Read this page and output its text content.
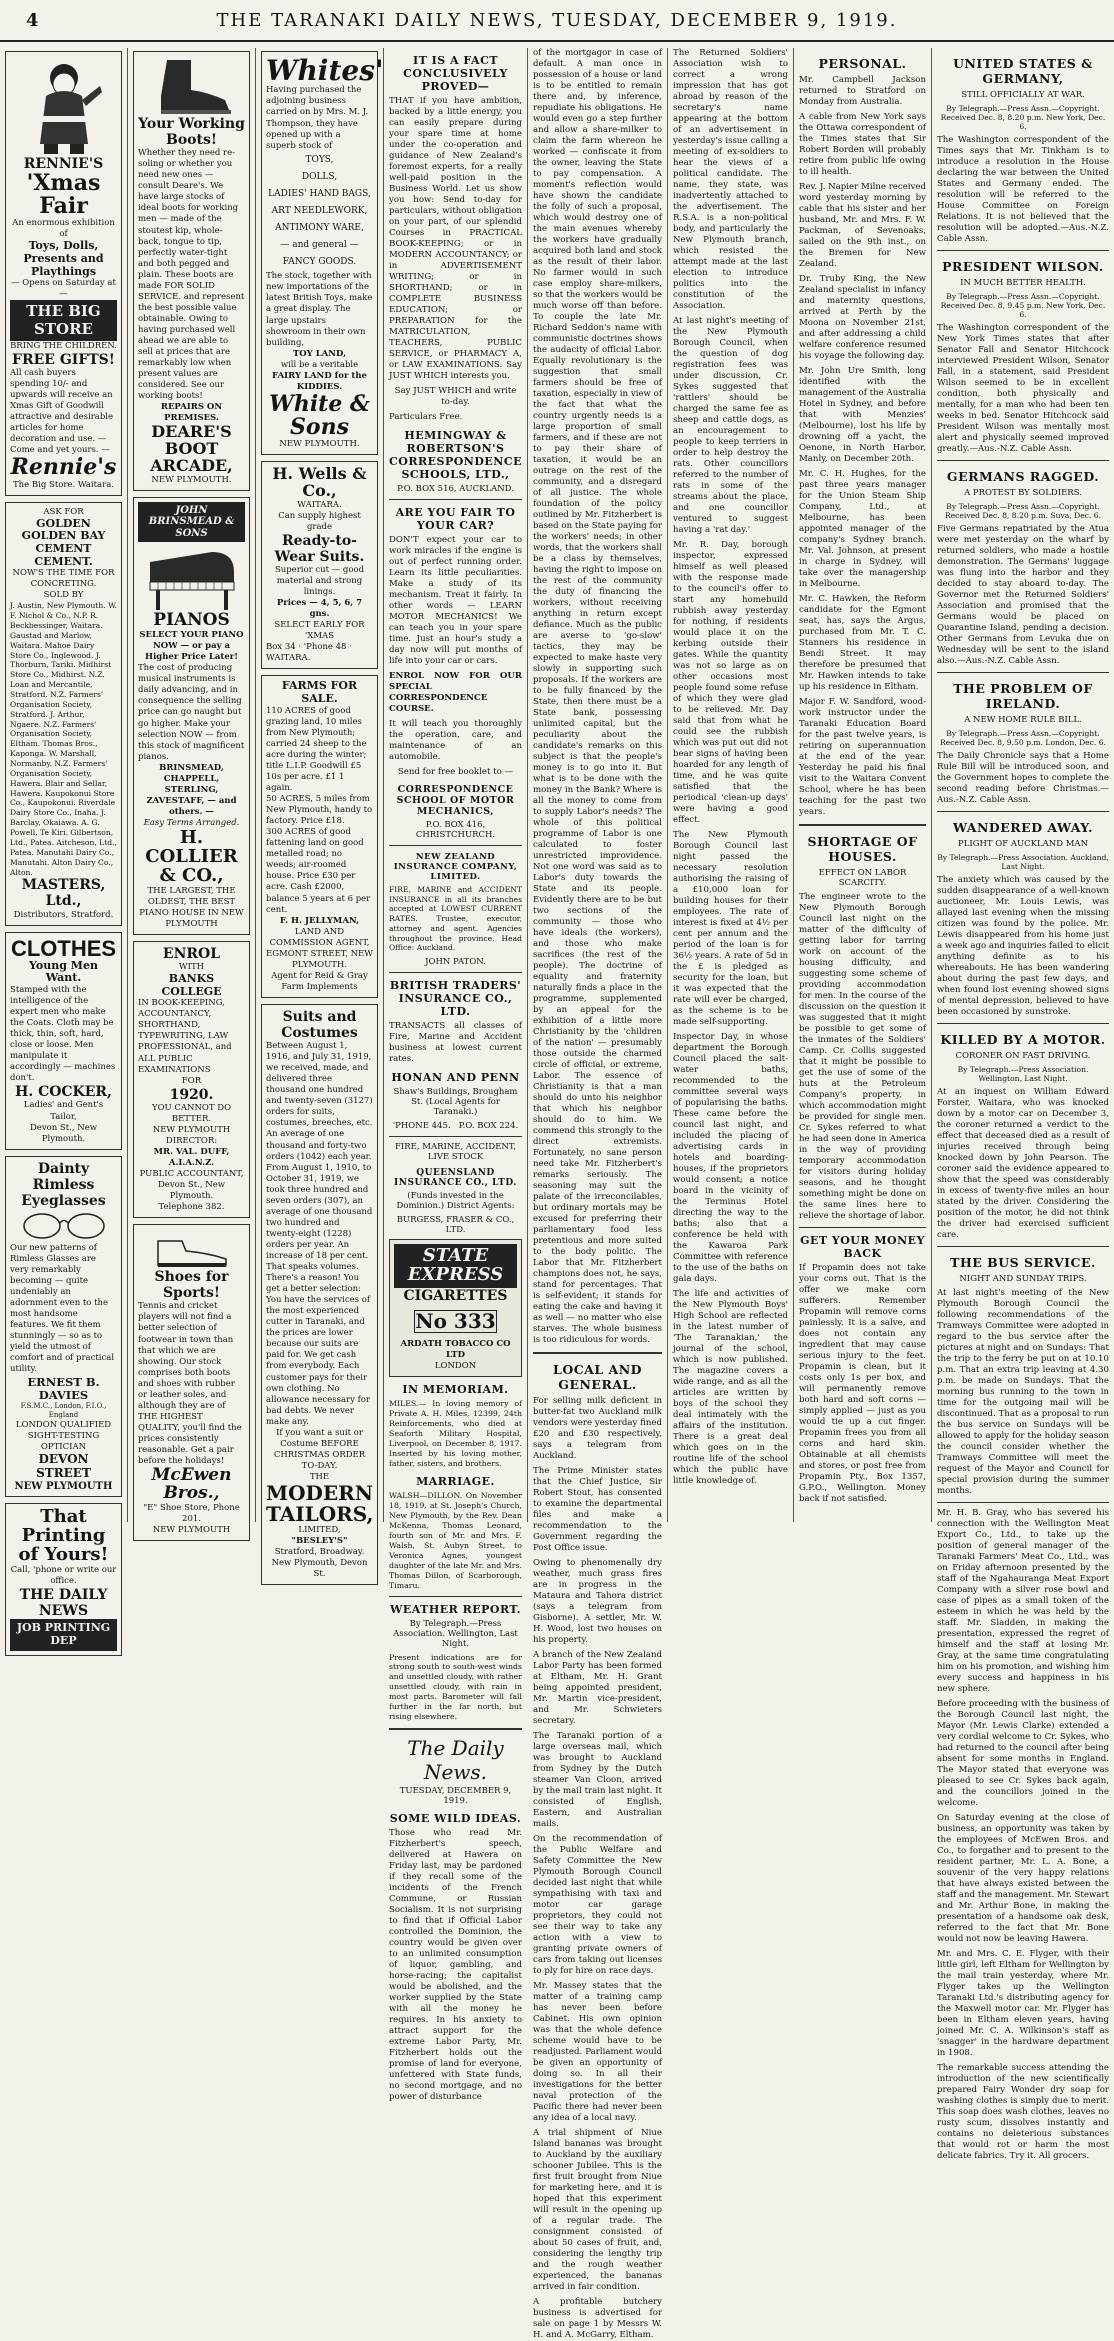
4	THE TARANAKI DAILY NEWS, TUESDAY, DECEMBER 9, 1919.
RENNIE'S
'Xmas Fair
An enormous exhibition of
Toys, Dolls, Presents and Playthings
— Opens on Saturday at —
THE BIG STORE
BRING THE CHILDREN.
FREE GIFTS!
All cash buyers spending 10/- and upwards will receive an Xmas Gift of Goodwill attractive and desirable articles for home decoration and use. — Come and yet yours. —
Rennie's
The Big Store. Waitara.
ASK FOR
GOLDEN GOLDEN BAY CEMENT CEMENT.
NOW'S THE TIME FOR CONCRETING.
SOLD BY
J. Austin, New Plymouth. W. F. Nichol & Co., N.P. R. Beckbessinger, Waitara. Gaustad and Marlow, Waitara. Mahoe Dairy Store Co., Inglewood. J. Thorburn, Tariki. Midhirst Store Co., Midhirst. N.Z. Loan and Mercantile, Stratford. N.Z. Farmers' Organisation Society, Stratford. J. Arthur, Ngaere. N.Z. Farmers' Organisation Society, Eltham. Thomas Bros., Kaponga. W. Marshall, Normanby. N.Z. Farmers' Organisation Society, Hawera. Blair and Sellar, Hawera. Kaupokonui Store Co., Kaupokonui. Riverdale Dairy Store Co., Inaha. J. Barclay, Okaiawa. A. G. Powell, Te Kiri. Gilbertson, Ltd., Patea. Aitcheson, Ltd., Patea. Manutahi Dairy Co., Manutahi. Alton Dairy Co., Alton.
MASTERS, Ltd.,
Distributors, Stratford.
CLOTHES
Young Men Want.
Stamped with the intelligence of the expert men who make the Coats. Cloth may be thick, thin, soft, hard, close or loose. Men manipulate it accordingly — machines don't.
H. COCKER,
Ladies' and Gent's Tailor,
Devon St., New Plymouth.
Dainty Rimless Eyeglasses
Our new patterns of Rimless Glasses are very remarkably becoming — quite undeniably an adornment even to the most handsome features. We fit them stunningly — so as to yield the utmost of comfort and of practical utility.
ERNEST B. DAVIES
F.S.M.C., London, F.I.O., England
LONDON QUALIFIED SIGHT-TESTING OPTICIAN
DEVON STREET
NEW PLYMOUTH
That Printing of Yours!
Call, 'phone or write our office.
THE DAILY NEWS
JOB PRINTING DEP
Your Working Boots!
Whether they need re-soling or whether you need new ones — consult Deare's. We have large stocks of ideal boots for working men — made of the stoutest kip, whole-back, tongue to tip, perfectly water-tight and both pegged and plain. These boots are made FOR SOLID SERVICE. and represent the best possible value obtainable. Owing to having purchased well ahead we are able to sell at prices that are remarkably low when present values are considered. See our working boots!
REPAIRS ON PREMISES.
DEARE'S BOOT ARCADE,
NEW PLYMOUTH.
JOHN BRINSMEAD & SONS
PIANOS
SELECT YOUR PIANO NOW — or pay a Higher Price Later!
The cost of producing musical instruments is daily advancing, and in consequence the selling price can go naught but go higher. Make your selection NOW — from this stock of magnificent pianos.
BRINSMEAD, CHAPPELL, STERLING, ZAVESTAFF, — and others. —
Easy Terms Arranged.
H. COLLIER & CO.,
THE LARGEST, THE OLDEST, THE BEST PIANO HOUSE IN NEW PLYMOUTH
ENROL
WITH
BANKS COLLEGE
IN BOOK-KEEPING, ACCOUNTANCY, SHORTHAND, TYPEWRITING, LAW PROFESSIONAL, and ALL PUBLIC EXAMINATIONS
FOR
1920.
YOU CANNOT DO BETTER.
NEW PLYMOUTH DIRECTOR:
MR. VAL. DUFF, A.I.A.N.Z.
PUBLIC ACCOUNTANT,
Devon St., New Plymouth.
Telephone 382.
Shoes for Sports!
Tennis and cricket players will not find a better selection of footwear in town than that which we are showing. Our stock comprises both boots and shoes with rubber or leather soles, and although they are of THE HIGHEST QUALITY, you'll find the prices consistently reasonable. Get a pair before the holidays!
McEwen Bros.,
"E" Shoe Store, Phone 201.
NEW PLYMOUTH
Whites'
Having purchased the adjoining business carried on by Mrs. M. J. Thompson, they have opened up with a superb stock of
TOYS,
DOLLS,
LADIES' HAND BAGS,
ART NEEDLEWORK,
ANTIMONY WARE,
— and general —
FANCY GOODS.
The stock, together with new importations of the latest British Toys, make a great display. The large upstairs showroom in their own building,
TOY LAND,
will be a veritable
FAIRY LAND for the KIDDIES.
White & Sons
NEW PLYMOUTH.
H. Wells & Co.,
WAITARA.
Can supply highest grade
Ready-to-Wear Suits.
Superior cut — good material and strong linings.
Prices — 4, 5, 6, 7 gns.
SELECT EARLY FOR 'XMAS
Box 34 · 'Phone 48 · WAITARA.
FARMS FOR SALE.
110 ACRES of good grazing land, 10 miles from New Plymouth; carried 24 sheep to the acre during the winter; title L.I.P. Goodwill £5 10s per acre. £1 1 again.
50 ACRES, 5 miles from New Plymouth, handy to factory. Price £18.
300 ACRES of good fattening land on good metalled road; no weeds; air-roomed house. Price £30 per acre. Cash £2000, balance 5 years at 6 per cent.
F. H. JELLYMAN,
LAND AND COMMISSION AGENT,
EGMONT STREET, NEW PLYMOUTH.
Agent for Reid & Gray Farm Implements
Suits and Costumes
Between August 1, 1916, and July 31, 1919, we received, made, and delivered three thousand one hundred and twenty-seven (3127) orders for suits, costumes, breeches, etc. An average of one thousand and forty-two orders (1042) each year. From August 1, 1910, to October 31, 1919, we took three hundred and seven orders (307), an average of one thousand two hundred and twenty-eight (1228) orders per year. An increase of 18 per cent. That speaks volumes. There's a reason! You get a better selection: You have the services of the most experienced cutter in Taranaki, and the prices are lower because our suits are paid for. We get cash from everybody. Each customer pays for their own clothing. No allowance necessary for bad debts. We never make any.
If you want a suit or Costume BEFORE CHRISTMAS ORDER TO-DAY.
THE
MODERN TAILORS,
LIMITED,
"BESLEY'S"
Stratford, Broadway. New Plymouth, Devon St.
IT IS A FACT CONCLUSIVELY PROVED—

THAT if you have ambition, backed by a little energy, you can easily prepare during your spare time at home under the co-operation and guidance of New Zealand's foremost experts, for a really well-paid position in the Business World. Let us show you how: Send to-day for particulars, without obligation on your part, of our splendid Courses in PRACTICAL BOOK-KEEPING; or in MODERN ACCOUNTANCY; or in ADVERTISEMENT WRITING; or in SHORTHAND; or in COMPLETE BUSINESS EDUCATION; or PREPARATION for the MATRICULATION, TEACHERS, PUBLIC SERVICE, or PHARMACY A, or LAW EXAMINATIONS. Say JUST WHICH interests you.

Say JUST WHICH and write to-day.

Particulars Free.

HEMINGWAY & ROBERTSON'S CORRESPONDENCE SCHOOLS, LTD.,
P.O. BOX 516, AUCKLAND.
ARE YOU FAIR TO YOUR CAR?

DON'T expect your car to work miracles if the engine is out of perfect running order. Learn its little peculiarities. Make a study of its mechanism. Treat it fairly. In other words — LEARN MOTOR MECHANICS! We can teach you in your spare time. Just an hour's study a day now will put months of life into your car or cars.

ENROL NOW FOR OUR SPECIAL CORRESPONDENCE COURSE.

It will teach you thoroughly the operation, care, and maintenance of an automobile.

Send for free booklet to —

CORRESPONDENCE SCHOOL OF MOTOR MECHANICS,
P.O. BOX 416, CHRISTCHURCH.
NEW ZEALAND INSURANCE COMPANY, LIMITED.

FIRE, MARINE and ACCIDENT INSURANCE in all its branches accepted at LOWEST CURRENT RATES. Trustee, executor, attorney and agent. Agencies throughout the province. Head Office: Auckland.

JOHN PATON.
BRITISH TRADERS' INSURANCE CO., LTD.

TRANSACTS all classes of Fire, Marine and Accident business at lowest current rates.

HONAN AND PENN
Shaw's Buildings, Brougham St. (Local Agents for Taranaki.)
'PHONE 445. P.O. BOX 224.
FIRE, MARINE, ACCIDENT, LIVE STOCK
QUEENSLAND INSURANCE CO., LTD.
(Funds invested in the Dominion.) District Agents:
BURGESS, FRASER & CO., LTD.
STATE EXPRESS
CIGARETTES
No 333
ARDATH TOBACCO CO LTD
LONDON
IN MEMORIAM.

MILES.— In loving memory of Private A. H. Miles, 12399, 24th Reinforcements, who died at Seaforth Military Hospital, Liverpool, on December 8, 1917. Inserted by his loving mother, father, sisters, and brothers.

MARRIAGE.

WALSH—DILLON. On November 18, 1919, at St. Joseph's Church, New Plymouth, by the Rev. Dean McKenna, Thomas Leonard, fourth son of Mr. and Mrs. F. Walsh, St. Aubyn Street, to Veronica Agnes, youngest daughter of the late Mr. and Mrs. Thomas Dillon, of Scarborough, Timaru.

WEATHER REPORT.
By Telegraph.—Press Association. Wellington, Last Night.

Present indications are for strong south to south-west winds and unsettled cloudy, with rather unsettled cloudy, with rain in most parts. Barometer will fall further in the far north, but rising elsewhere.

The Daily News.
TUESDAY, DECEMBER 9, 1919.
SOME WILD IDEAS.

Those who read Mr. Fitzherbert's speech, delivered at Hawera on Friday last, may be pardoned if they recall some of the incidents of the French Commune, or Russian Socialism. It is not surprising to find that if Official Labor controlled the Dominion, the country would be given over to an unlimited consumption of liquor, gambling, and horse-racing; the capitalist would be abolished, and the worker supplied by the State with all the money he requires. In his anxiety to attract support for the extreme Labor Party, Mr. Fitzherbert holds out the promise of land for everyone, unfettered with State funds, no second mortgage, and no power of disturbance

of the mortgagor in case of default. A man once in possession of a house or land is to be entitled to remain there and, by inference, repudiate his obligations. He would even go a step further and allow a share-milker to claim the farm whereon he worked — confiscate it from the owner, leaving the State to pay compensation. A moment's reflection would have shown the candidate the folly of such a proposal, which would destroy one of the main avenues whereby the workers have gradually acquired both land and stock as the result of their labor. No farmer would in such case employ share-milkers, so that the workers would be much worse off than before. To couple the late Mr. Richard Seddon's name with communistic doctrines shows the audacity of official Labor. Equally revolutionary is the suggestion that small farmers should be free of taxation, especially in view of the fact that what the country urgently needs is a large proportion of small farmers, and if these are not to pay their share of taxation, it would be an outrage on the rest of the community, and a disregard of all justice. The whole foundation of the policy outlined by Mr. Fitzherbert is based on the State paying for the workers' needs; in other words, that the workers shall be a class by themselves, having the right to impose on the rest of the community the duty of financing the workers, without receiving anything in return except defiance. Much as the public are averse to 'go-slow' tactics, they may be expected to make haste very slowly in supporting such proposals. If the workers are to be fully financed by the State, then there must be a State bank, possessing unlimited capital, but the peculiarity about the candidate's remarks on this subject is that the people's money is to go into it. But what is to be done with the money in the Bank? Where is all the money to come from to supply Labor's needs? The whole of this political programme of Labor is one calculated to foster unrestricted improvidence. Not one word was said as to Labor's duty towards the State and its people. Evidently there are to be but two sections of the community — those who have ideals (the workers), and those who make sacrifices (the rest of the people). The doctrine of equality and fraternity naturally finds a place in the programme, supplemented by an appeal for the exhibition of a little more Christianity by the 'children of the nation' — presumably those outside the charmed circle of official, or extreme, Labor. The essence of Christianity is that a man should do unto his neighbor that which his neighbor should do to him. We commend this strongly to the direct extremists. Fortunately, no sane person need take Mr. Fitzherbert's remarks seriously. The seasoning may suit the palate of the irreconcilables, but ordinary mortals may be excused for preferring their parliamentary food less pretentious and more suited to the body politic. The Labor that Mr. Fitzherbert champions does not, he says, stand for percentages. That is self-evident; it stands for eating the cake and having it as well — no matter who else starves. The whole business is too ridiculous for words.

LOCAL AND GENERAL.

For selling milk deficient in butter-fat two Auckland milk vendors were yesterday fined £20 and £30 respectively, says a telegram from Auckland.

The Prime Minister states that the Chief Justice, Sir Robert Stout, has consented to examine the departmental files and make a recommendation to the Government regarding the Post Office issue.

Owing to phenomenally dry weather, much grass fires are in progress in the Mataura and Tahora district (says a telegram from Gisborne). A settler, Mr. W. H. Wood, lost two houses on his property.

A branch of the New Zealand Labor Party has been formed at Eltham, Mr. H. Grant being appointed president, Mr. Martin vice-president, and Mr. Schwieters secretary.

The Taranaki portion of a large overseas mail, which was brought to Auckland from Sydney by the Dutch steamer Van Cloon, arrived by the mail train last night. It consisted of English, Eastern, and Australian mails.

On the recommendation of the Public Welfare and Safety Committee the New Plymouth Borough Council decided last night that while sympathising with taxi and motor car garage proprietors, they could not see their way to take any action with a view to granting private owners of cars from taking out licenses to ply for hire on race days.

Mr. Massey states that the matter of a training camp has never been before Cabinet. His own opinion was that the whole defence scheme would have to be readjusted. Parliament would be given an opportunity of doing so. In all their investigations for the better naval protection of the Pacific there had never been any idea of a local navy.

A trial shipment of Niue Island bananas was brought to Auckland by the auxiliary schooner Jubilee. This is the first fruit brought from Niue for marketing here, and it is hoped that this experiment will result in the opening up of a regular trade. The consignment consisted of about 50 cases of fruit, and, considering the lengthy trip and the rough weather experienced, the bananas arrived in fair condition.

A profitable butchery business is advertised for sale on page 1 by Messrs W. H. and A. McGarry, Eltham.

The Returned Soldiers' Association wish to correct a wrong impression that has got abroad by reason of the secretary's name appearing at the bottom of an advertisement in yesterday's issue calling a meeting of ex-soldiers to hear the views of a political candidate. The name, they state, was inadvertently attached to the advertisement. The R.S.A. is a non-political body, and particularly the New Plymouth branch, which resisted the attempt made at the last election to introduce politics into the constitution of the Association.

At last night's meeting of the New Plymouth Borough Council, when the question of dog registration fees was under discussion, Cr. Sykes suggested that 'rattlers' should be charged the same fee as sheep and cattle dogs, as an encouragement to people to keep terriers in order to help destroy the rats. Other councillors referred to the number of rats in some of the streams about the place, and one councillor ventured to suggest having a 'rat day.'

Mr. R. Day, borough inspector, expressed himself as well pleased with the response made to the council's offer to start any homebuild rubbish away yesterday for nothing, if residents would place it on the kerbing outside their gates. While the quantity was not so large as on other occasions most people found some refuse of which they were glad to be relieved. Mr. Day said that from what he could see the rubbish which was put out did not bear signs of having been hoarded for any length of time, and he was quite satisfied that the periodical 'clean-up days' were having a good effect.

The New Plymouth Borough Council last night passed the necessary resolution authorising the raising of a £10,000 loan for building houses for their employees. The rate of interest is fixed at 4½ per cent per annum and the period of the loan is for 36½ years. A rate of 5d in the £ is pledged as security for the loan, but it was expected that the rate will ever be charged, as the scheme is to be made self-supporting.

Inspector Day, in whose department the Borough Council placed the salt-water baths, recommended to the committee several ways of popularising the baths. These came before the council last night, and included the placing of advertising cards in hotels and boarding-houses, if the proprietors would consent; a notice board in the vicinity of the Terminus Hotel directing the way to the baths; also that a conference be held with the Kawaroa Park Committee with reference to the use of the baths on gala days.

The life and activities of the New Plymouth Boys' High School are reflected in the latest number of 'The Taranakian,' the journal of the school, which is now published. The magazine covers a wide range, and as all the articles are written by boys of the school they deal intimately with the affairs of the institution. There is a great deal which goes on in the routine life of the school which the public have little knowledge of.

PERSONAL.

Mr. Campbell Jackson returned to Stratford on Monday from Australia.

A cable from New York says the Ottawa correspondent of the Times states that Sir Robert Borden will probably retire from public life owing to ill health.

Rev. J. Napier Milne received word yesterday morning by cable that his sister and her husband, Mr. and Mrs. F. W. Packman, of Sevenoaks, sailed on the 9th inst., on the Bremen for New Zealand.

Dr. Truby King, the New Zealand specialist in infancy and maternity questions, arrived at Perth by the Moona on November 21st, and after addressing a child welfare conference resumed his voyage the following day.

Mr. John Ure Smith, long identified with the management of the Australia Hotel in Sydney, and before that with Menzies' (Melbourne), lost his life by drowning off a yacht, the Oenone, in North Harbor, Manly, on December 20th.

Mr. C. H. Hughes, for the past three years manager for the Union Steam Ship Company, Ltd., at Melbourne, has been appointed manager of the company's Sydney branch. Mr. Val. Johnson, at present in charge in Sydney, will take over the managership in Melbourne.

Mr. C. Hawken, the Reform candidate for the Egmont seat, has, says the Argus, purchased from Mr. T. C. Stanners his residence in Bendi Street. It may therefore be presumed that Mr. Hawken intends to take up his residence in Eltham.

Major F. W. Sandford, wood-work instructor under the Taranaki Education Board for the past twelve years, is retiring on superannuation at the end of the year. Yesterday he paid his final visit to the Waitara Convent School, where he has been teaching for the past two years.

SHORTAGE OF HOUSES.
EFFECT ON LABOR SCARCITY.

The engineer wrote to the New Plymouth Borough Council last night on the matter of the difficulty of getting labor for tarring work on account of the housing difficulty, and suggesting some scheme of providing accommodation for men. In the course of the discussion on the question it was suggested that it might be possible to get some of the inmates of the Soldiers' Camp. Cr. Collis suggested that it might be possible to get the use of some of the huts at the Petroleum Company's property, in which accommodation might be provided for single men. Cr. Sykes referred to what he had seen done in America in the way of providing temporary accommodation for visitors during holiday seasons, and he thought something might be done on the same lines here to relieve the shortage of labor.

GET YOUR MONEY BACK

If Propamin does not take your corns out. That is the offer we make corn sufferers. Remember Propamin will remove corns painlessly. It is a salve, and does not contain any ingredient that may cause serious injury to the feet. Propamin is clean, but it costs only 1s per box, and will permanently remove both hard and soft corns — simply applied — just as you would tie up a cut finger. Propamin frees you from all corns and hard skin. Obtainable at all chemists and stores, or post free from Propamin Pty., Box 1357, G.P.O., Wellington. Money back if not satisfied.

UNITED STATES & GERMANY,
STILL OFFICIALLY AT WAR.
By Telegraph.—Press Assn.—Copyright. Received Dec. 8, 8.20 p.m. New York, Dec. 6.

The Washington correspondent of the Times says that Mr. Tinkham is to introduce a resolution in the House declaring the war between the United States and Germany ended. The resolution will be referred to the House Committee on Foreign Relations. It is not believed that the resolution will be adopted.—Aus.-N.Z. Cable Assn.

PRESIDENT WILSON.
IN MUCH BETTER HEALTH.
By Telegraph.—Press Assn.—Copyright. Received Dec. 8, 9.45 p.m. New York, Dec. 6.

The Washington correspondent of the New York Times states that after Senator Fall and Senator Hitchcock interviewed President Wilson, Senator Fall, in a statement, said President Wilson seemed to be in excellent condition, both physically and mentally, for a man who had been ten weeks in bed. Senator Hitchcock said President Wilson was mentally most alert and physically seemed improved greatly.—Aus.-N.Z. Cable Assn.

GERMANS RAGGED.
A PROTEST BY SOLDIERS.
By Telegraph.—Press Assn.—Copyright. Received Dec. 8, 8.20 p.m. Suva, Dec. 6.

Five Germans repatriated by the Atua were met yesterday on the wharf by returned soldiers, who made a hostile demonstration. The Germans' luggage was flung into the harbor and they decided to stay aboard to-day. The Governor met the Returned Soldiers' Association and promised that the Germans would be placed on Quarantine Island, pending a decision. Other Germans from Levuka due on Wednesday will be sent to the island also.—Aus.-N.Z. Cable Assn.

THE PROBLEM OF IRELAND.
A NEW HOME RULE BILL.
By Telegraph.—Press Assn.—Copyright. Received Dec. 8, 9.50 p.m. London, Dec. 6.

The Daily Chronicle says that a Home Rule Bill will be introduced soon, and the Government hopes to complete the second reading before Christmas.—Aus.-N.Z. Cable Assn.

WANDERED AWAY.
PLIGHT OF AUCKLAND MAN
By Telegraph.—Press Association. Auckland, Last Night.

The anxiety which was caused by the sudden disappearance of a well-known auctioneer, Mr. Louis Lewis, was allayed last evening when the missing citizen was found by the police. Mr. Lewis disappeared from his home just a week ago and inquiries failed to elicit anything definite as to his whereabouts. He has been wandering about during the past few days, and when found lost evening showed signs of mental depression, believed to have been occasioned by sunstroke.

KILLED BY A MOTOR.
CORONER ON FAST DRIVING.
By Telegraph.—Press Association. Wellington, Last Night.

At an inquest on William Edward Forster, Waitara, who was knocked down by a motor car on December 3, the coroner returned a verdict to the effect that deceased died as a result of injuries received through being knocked down by John Pearson. The coroner said the evidence appeared to show that the speed was considerably in excess of twenty-five miles an hour stated by the driver. Considering the position of the motor, he did not think the driver had exercised sufficient care.

THE BUS SERVICE.
NIGHT AND SUNDAY TRIPS.

At last night's meeting of the New Plymouth Borough Council the following recommendations of the Tramways Committee were adopted in regard to the bus service after the pictures at night and on Sundays: That the trip to the ferry be put on at 10.10 p.m. That an extra trip leaving at 4.30 p.m. be made on Sundays. That the morning bus running to the town in time for the outgoing mail will be discontinued. That as a proposal to run the bus service on Sundays will be allowed to apply for the holiday season the council consider whether the Tramways Committee will meet the request of the Mayor and Council for special provision during the summer months.

Mr. H. B. Gray, who has severed his connection with the Wellington Meat Export Co., Ltd., to take up the position of general manager of the Taranaki Farmers' Meat Co., Ltd., was on Friday afternoon presented by the staff of the Ngahauranga Meat Export Company with a silver rose bowl and case of pipes as a small token of the esteem in which he was held by the staff. Mr. Sladden, in making the presentation, expressed the regret of himself and the staff at losing Mr. Gray, at the same time congratulating him on his promotion, and wishing him every success and happiness in his new sphere.

Before proceeding with the business of the Borough Council last night, the Mayor (Mr. Lewis Clarke) extended a very cordial welcome to Cr. Sykes, who had returned to the council after being absent for some months in England. The Mayor stated that everyone was pleased to see Cr. Sykes back again, and the councillors joined in the welcome.

On Saturday evening at the close of business, an opportunity was taken by the employees of McEwen Bros. and Co., to forgather and to present to the resident partner, Mr. L. A. Bone, a souvenir of the very happy relations that have always existed between the staff and the management. Mr. Stewart and Mr. Arthur Bone, in making the presentation of a handsome oak desk, referred to the fact that Mr. Bone would not now be leaving Hawera.

Mr. and Mrs. C. E. Flyger, with their little girl, left Eltham for Wellington by the mail train yesterday, where Mr. Flyger takes up the Wellington Taranaki Ltd.'s distributing agency for the Maxwell motor car. Mr. Flyger has been in Eltham eleven years, having joined Mr. C. A. Wilkinson's staff as 'snagger' in the hardware department in 1908.

The remarkable success attending the introduction of the new scientifically prepared Fairy Wonder dry soap for washing clothes is simply due to merit. This soap does wash clothes, leaves no rusty scum, dissolves instantly and contains no deleterious substances that would rot or harm the most delicate fabrics. Try it. All grocers.
